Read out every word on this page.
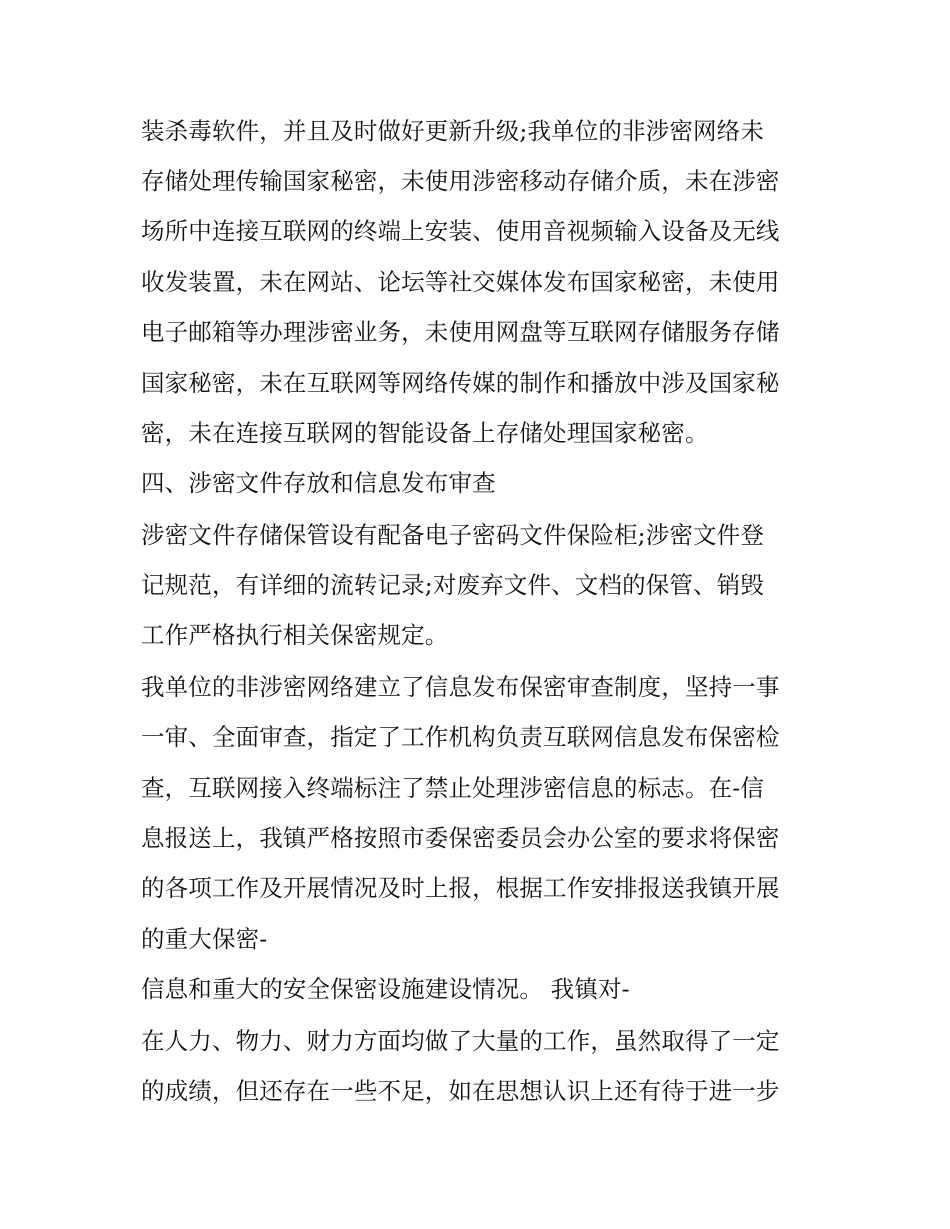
装杀毒软件，并且及时做好更新升级;我单位的非涉密网络未
存储处理传输国家秘密，未使用涉密移动存储介质，未在涉密
场所中连接互联网的终端上安装、使用音视频输入设备及无线
收发装置，未在网站、论坛等社交媒体发布国家秘密，未使用
电子邮箱等办理涉密业务，未使用网盘等互联网存储服务存储
国家秘密，未在互联网等网络传媒的制作和播放中涉及国家秘
密，未在连接互联网的智能设备上存储处理国家秘密。
四、涉密文件存放和信息发布审查
涉密文件存储保管设有配备电子密码文件保险柜;涉密文件登
记规范，有详细的流转记录;对废弃文件、文档的保管、销毁
工作严格执行相关保密规定。
我单位的非涉密网络建立了信息发布保密审查制度，坚持一事
一审、全面审查，指定了工作机构负责互联网信息发布保密检
查，互联网接入终端标注了禁止处理涉密信息的标志。在-信
息报送上，我镇严格按照市委保密委员会办公室的要求将保密
的各项工作及开展情况及时上报，根据工作安排报送我镇开展
的重大保密-
信息和重大的安全保密设施建设情况。 我镇对-
在人力、物力、财力方面均做了大量的工作，虽然取得了一定
的成绩，但还存在一些不足，如在思想认识上还有待于进一步
